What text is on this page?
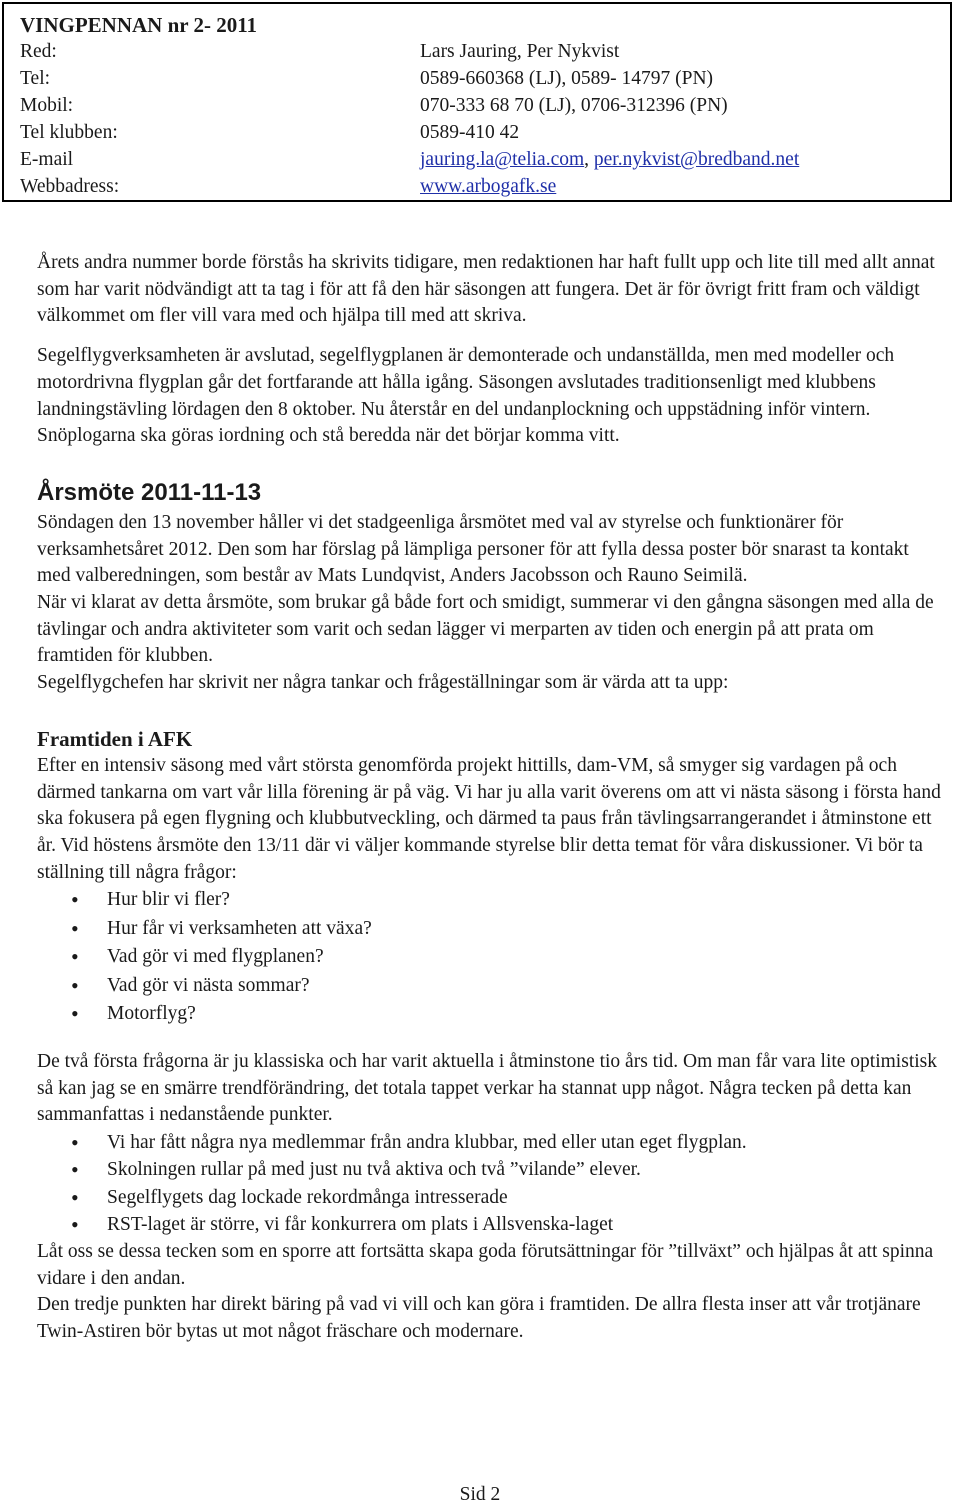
VINGPENNAN nr 2- 2011

Red:	Lars Jauring, Per Nykvist
Tel:	0589-660368 (LJ), 0589- 14797 (PN)
Mobil:	070-333 68 70 (LJ), 0706-312396 (PN)
Tel klubben:	0589-410 42
E-mail	jauring.la@telia.com, per.nykvist@bredband.net
Webbadress:	www.arbogafk.se

Årets andra nummer borde förstås ha skrivits tidigare, men redaktionen har haft fullt upp och lite till med allt annat som har varit nödvändigt att ta tag i för att få den här säsongen att fungera. Det är för övrigt fritt fram och väldigt välkommet om fler vill vara med och hjälpa till med att skriva.

Segelflygverksamheten är avslutad, segelflygplanen är demonterade och undanställda, men med modeller och motordrivna flygplan går det fortfarande att hålla igång. Säsongen avslutades traditionsenligt med klubbens landningstävling lördagen den 8 oktober. Nu återstår en del undanplockning och uppstädning inför vintern. Snöplogarna ska göras iordning och stå beredda när det börjar komma vitt.

Årsmöte 2011-11-13

Söndagen den 13 november håller vi det stadgeenliga årsmötet med val av styrelse och funktionärer för verksamhetsåret 2012. Den som har förslag på lämpliga personer för att fylla dessa poster bör snarast ta kontakt med valberedningen, som består av Mats Lundqvist, Anders Jacobsson och Rauno Seimilä.

När vi klarat av detta årsmöte, som brukar gå både fort och smidigt, summerar vi den gångna säsongen med alla de tävlingar och andra aktiviteter som varit och sedan lägger vi merparten av tiden och energin på att prata om framtiden för klubben.

Segelflygchefen har skrivit ner några tankar och frågeställningar som är värda att ta upp:

Framtiden i AFK

Efter en intensiv säsong med vårt största genomförda projekt hittills, dam-VM, så smyger sig vardagen på och därmed tankarna om vart vår lilla förening är på väg. Vi har ju alla varit överens om att vi nästa säsong i första hand ska fokusera på egen flygning och klubbutveckling, och därmed ta paus från tävlingsarrangerandet i åtminstone ett år. Vid höstens årsmöte den 13/11 där vi väljer kommande styrelse blir detta temat för våra diskussioner. Vi bör ta ställning till några frågor:

• Hur blir vi fler?
• Hur får vi verksamheten att växa?
• Vad gör vi med flygplanen?
• Vad gör vi nästa sommar?
• Motorflyg?

De två första frågorna är ju klassiska och har varit aktuella i åtminstone tio års tid. Om man får vara lite optimistisk så kan jag se en smärre trendförändring, det totala tappet verkar ha stannat upp något. Några tecken på detta kan sammanfattas i nedanstående punkter.

• Vi har fått några nya medlemmar från andra klubbar, med eller utan eget flygplan.
• Skolningen rullar på med just nu två aktiva och två ”vilande” elever.
• Segelflygets dag lockade rekordmånga intresserade
• RST-laget är större, vi får konkurrera om plats i Allsvenska-laget

Låt oss se dessa tecken som en sporre att fortsätta skapa goda förutsättningar för ”tillväxt” och hjälpas åt att spinna vidare i den andan.

Den tredje punkten har direkt bäring på vad vi vill och kan göra i framtiden. De allra flesta inser att vår trotjänare Twin-Astiren bör bytas ut mot något fräschare och modernare.

Sid 2
